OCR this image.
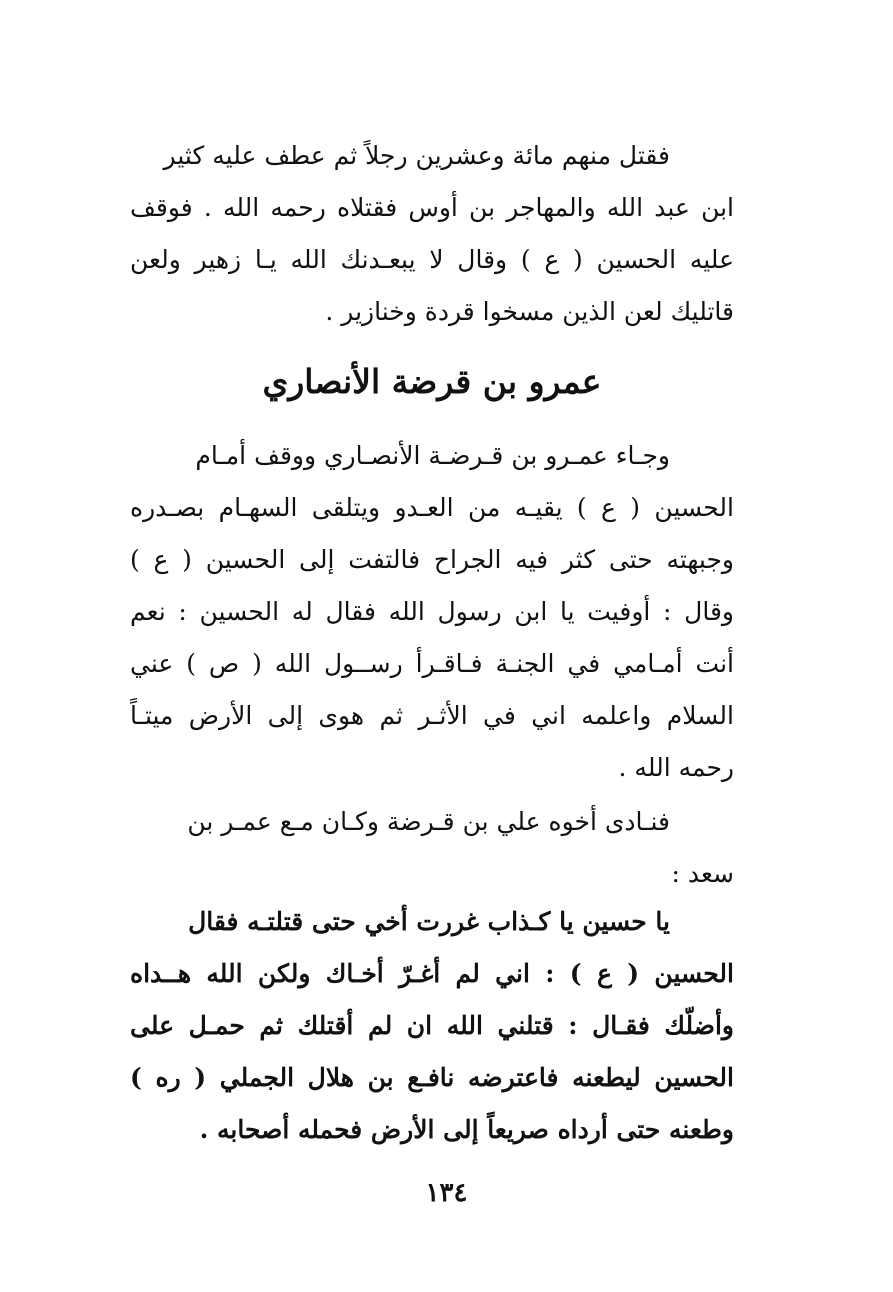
فقتل منهم مائة وعشرين رجلاً ثم عطف عليه كثير
ابن عبد الله والمهاجر بن أوس فقتلاه رحمه الله . فوقف
عليه الحسين ( ع ) وقال لا يبعـدنك الله يـا زهير ولعن
قاتليك لعن الذين مسخوا قردة وخنازير .
عمرو بن قرضة الأنصاري
وجـاء عمـرو بن قـرضـة الأنصـاري ووقف أمـام
الحسين ( ع ) يقيـه من العـدو ويتلقى السهـام بصـدره
وجبهته حتى كثر فيه الجراح فالتفت إلى الحسين ( ع )
وقال : أوفيت يا ابن رسول الله فقال له الحسين : نعم
أنت أمـامي في الجنـة فـاقـرأ رســول الله ( ص ) عني
السلام واعلمه اني في الأثـر ثم هوى إلى الأرض ميتـاً
رحمه الله .
فنـادى أخوه علي بن قـرضة وكـان مـع عمـر بن
سعد :
يا حسين يا كـذاب غررت أخي حتى قتلتـه فقال
الحسين ( ع ) : اني لم أغـرّ أخـاك ولكن الله هــداه
وأضلّك فقـال : قتلني الله ان لم أقتلك ثم حمـل على
الحسين ليطعنه فاعترضه نافـع بن هلال الجملي ( ره )
وطعنه حتى أرداه صريعاً إلى الأرض فحمله أصحابه .
١٣٤
